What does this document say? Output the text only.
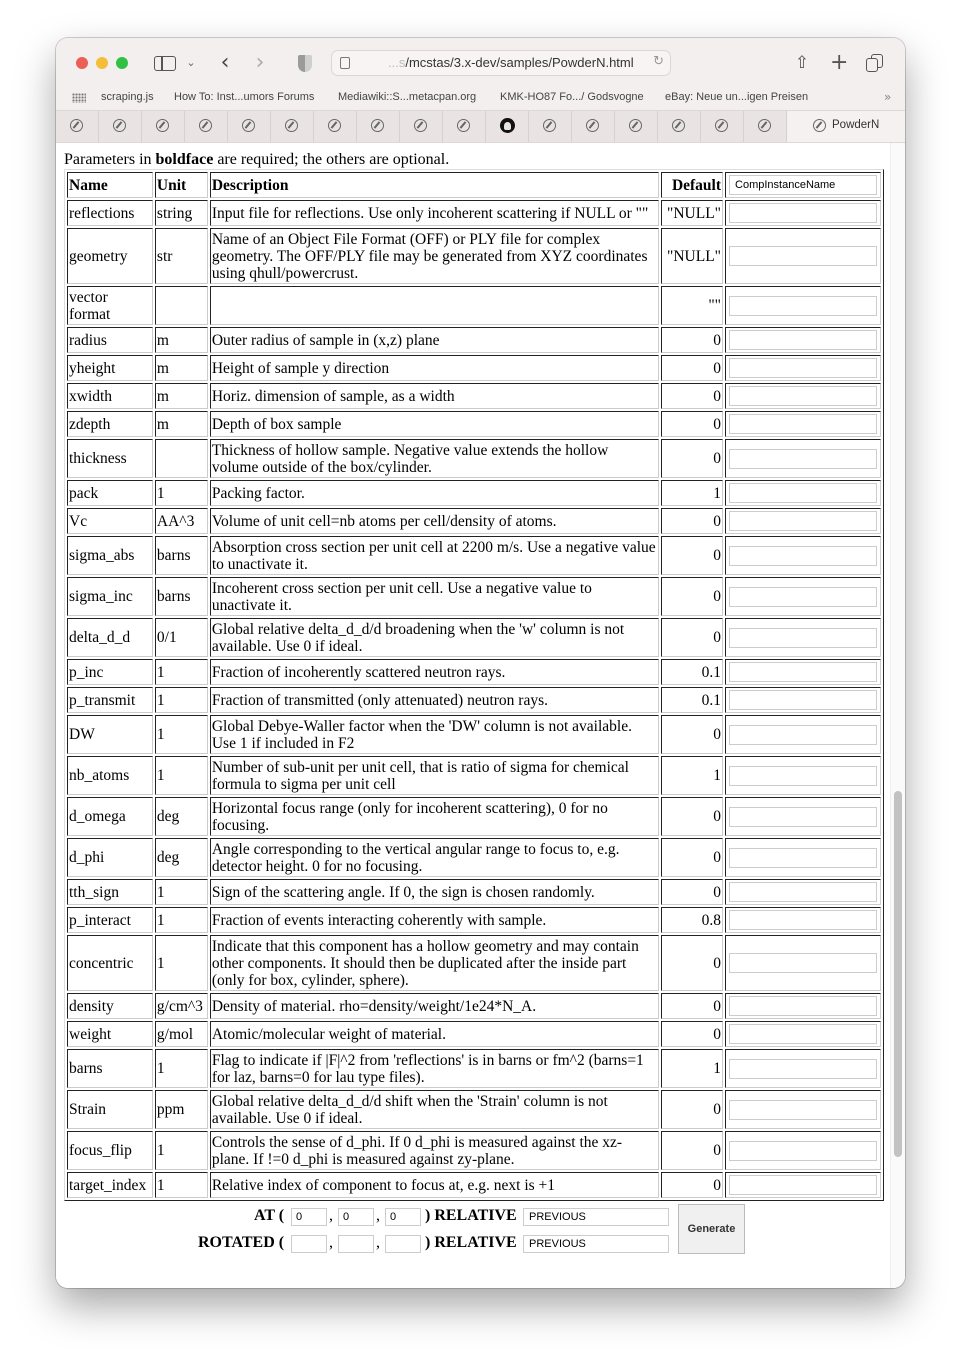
⌄ ‹ ›	...s/mcstas/3.x-dev/samples/PowderN.html ↻	⇧ +
scraping.js How To: Inst...umors Forums Mediawiki::S...metacpan.org KMK-HO87 Fo.../ Godsvogne eBay: Neue un...igen Preisen	»
PowderN
Parameters in boldface are required; the others are optional.
Name	Unit	Description	Default	
CompInstanceName
reflections	string	Input file for reflections. Use only incoherent scattering if NULL or ""	"NULL"	

geometry	str	Name of an Object File Format (OFF) or PLY file for complex geometry. The OFF/PLY file may be generated from XYZ coordinates using qhull/powercrust.	"NULL"	

vector format			""	

radius	m	Outer radius of sample in (x,z) plane	0	

yheight	m	Height of sample y direction	0	

xwidth	m	Horiz. dimension of sample, as a width	0	

zdepth	m	Depth of box sample	0	

thickness		Thickness of hollow sample. Negative value extends the hollow volume outside of the box/cylinder.	0	

pack	1	Packing factor.	1	

Vc	AA^3	Volume of unit cell=nb atoms per cell/density of atoms.	0	

sigma_abs	barns	Absorption cross section per unit cell at 2200 m/s. Use a negative value to unactivate it.	0	

sigma_inc	barns	Incoherent cross section per unit cell. Use a negative value to unactivate it.	0	

delta_d_d	0/1	Global relative delta_d_d/d broadening when the 'w' column is not available. Use 0 if ideal.	0	

p_inc	1	Fraction of incoherently scattered neutron rays.	0.1	

p_transmit	1	Fraction of transmitted (only attenuated) neutron rays.	0.1	

DW	1	Global Debye-Waller factor when the 'DW' column is not available. Use 1 if included in F2	0	

nb_atoms	1	Number of sub-unit per unit cell, that is ratio of sigma for chemical formula to sigma per unit cell	1	

d_omega	deg	Horizontal focus range (only for incoherent scattering), 0 for no focusing.	0	

d_phi	deg	Angle corresponding to the vertical angular range to focus to, e.g. detector height. 0 for no focusing.	0	

tth_sign	1	Sign of the scattering angle. If 0, the sign is chosen randomly.	0	

p_interact	1	Fraction of events interacting coherently with sample.	0.8	

concentric	1	Indicate that this component has a hollow geometry and may contain other components. It should then be duplicated after the inside part (only for box, cylinder, sphere).	0	

density	g/cm^3	Density of material. rho=density/weight/1e24*N_A.	0	

weight	g/mol	Atomic/molecular weight of material.	0	

barns	1	Flag to indicate if |F|^2 from 'reflections' is in barns or fm^2 (barns=1 for laz, barns=0 for lau type files).	1	

Strain	ppm	Global relative delta_d_d/d shift when the 'Strain' column is not available. Use 0 if ideal.	0	

focus_flip	1	Controls the sense of d_phi. If 0 d_phi is measured against the xz-plane. If !=0 d_phi is measured against zy-plane.	0	

target_index	1	Relative index of component to focus at, e.g. next is +1	0	
AT (
0	,
0	,
0	) RELATIVE PREVIOUS
ROTATED (	,	,	) RELATIVE PREVIOUS
Generate
